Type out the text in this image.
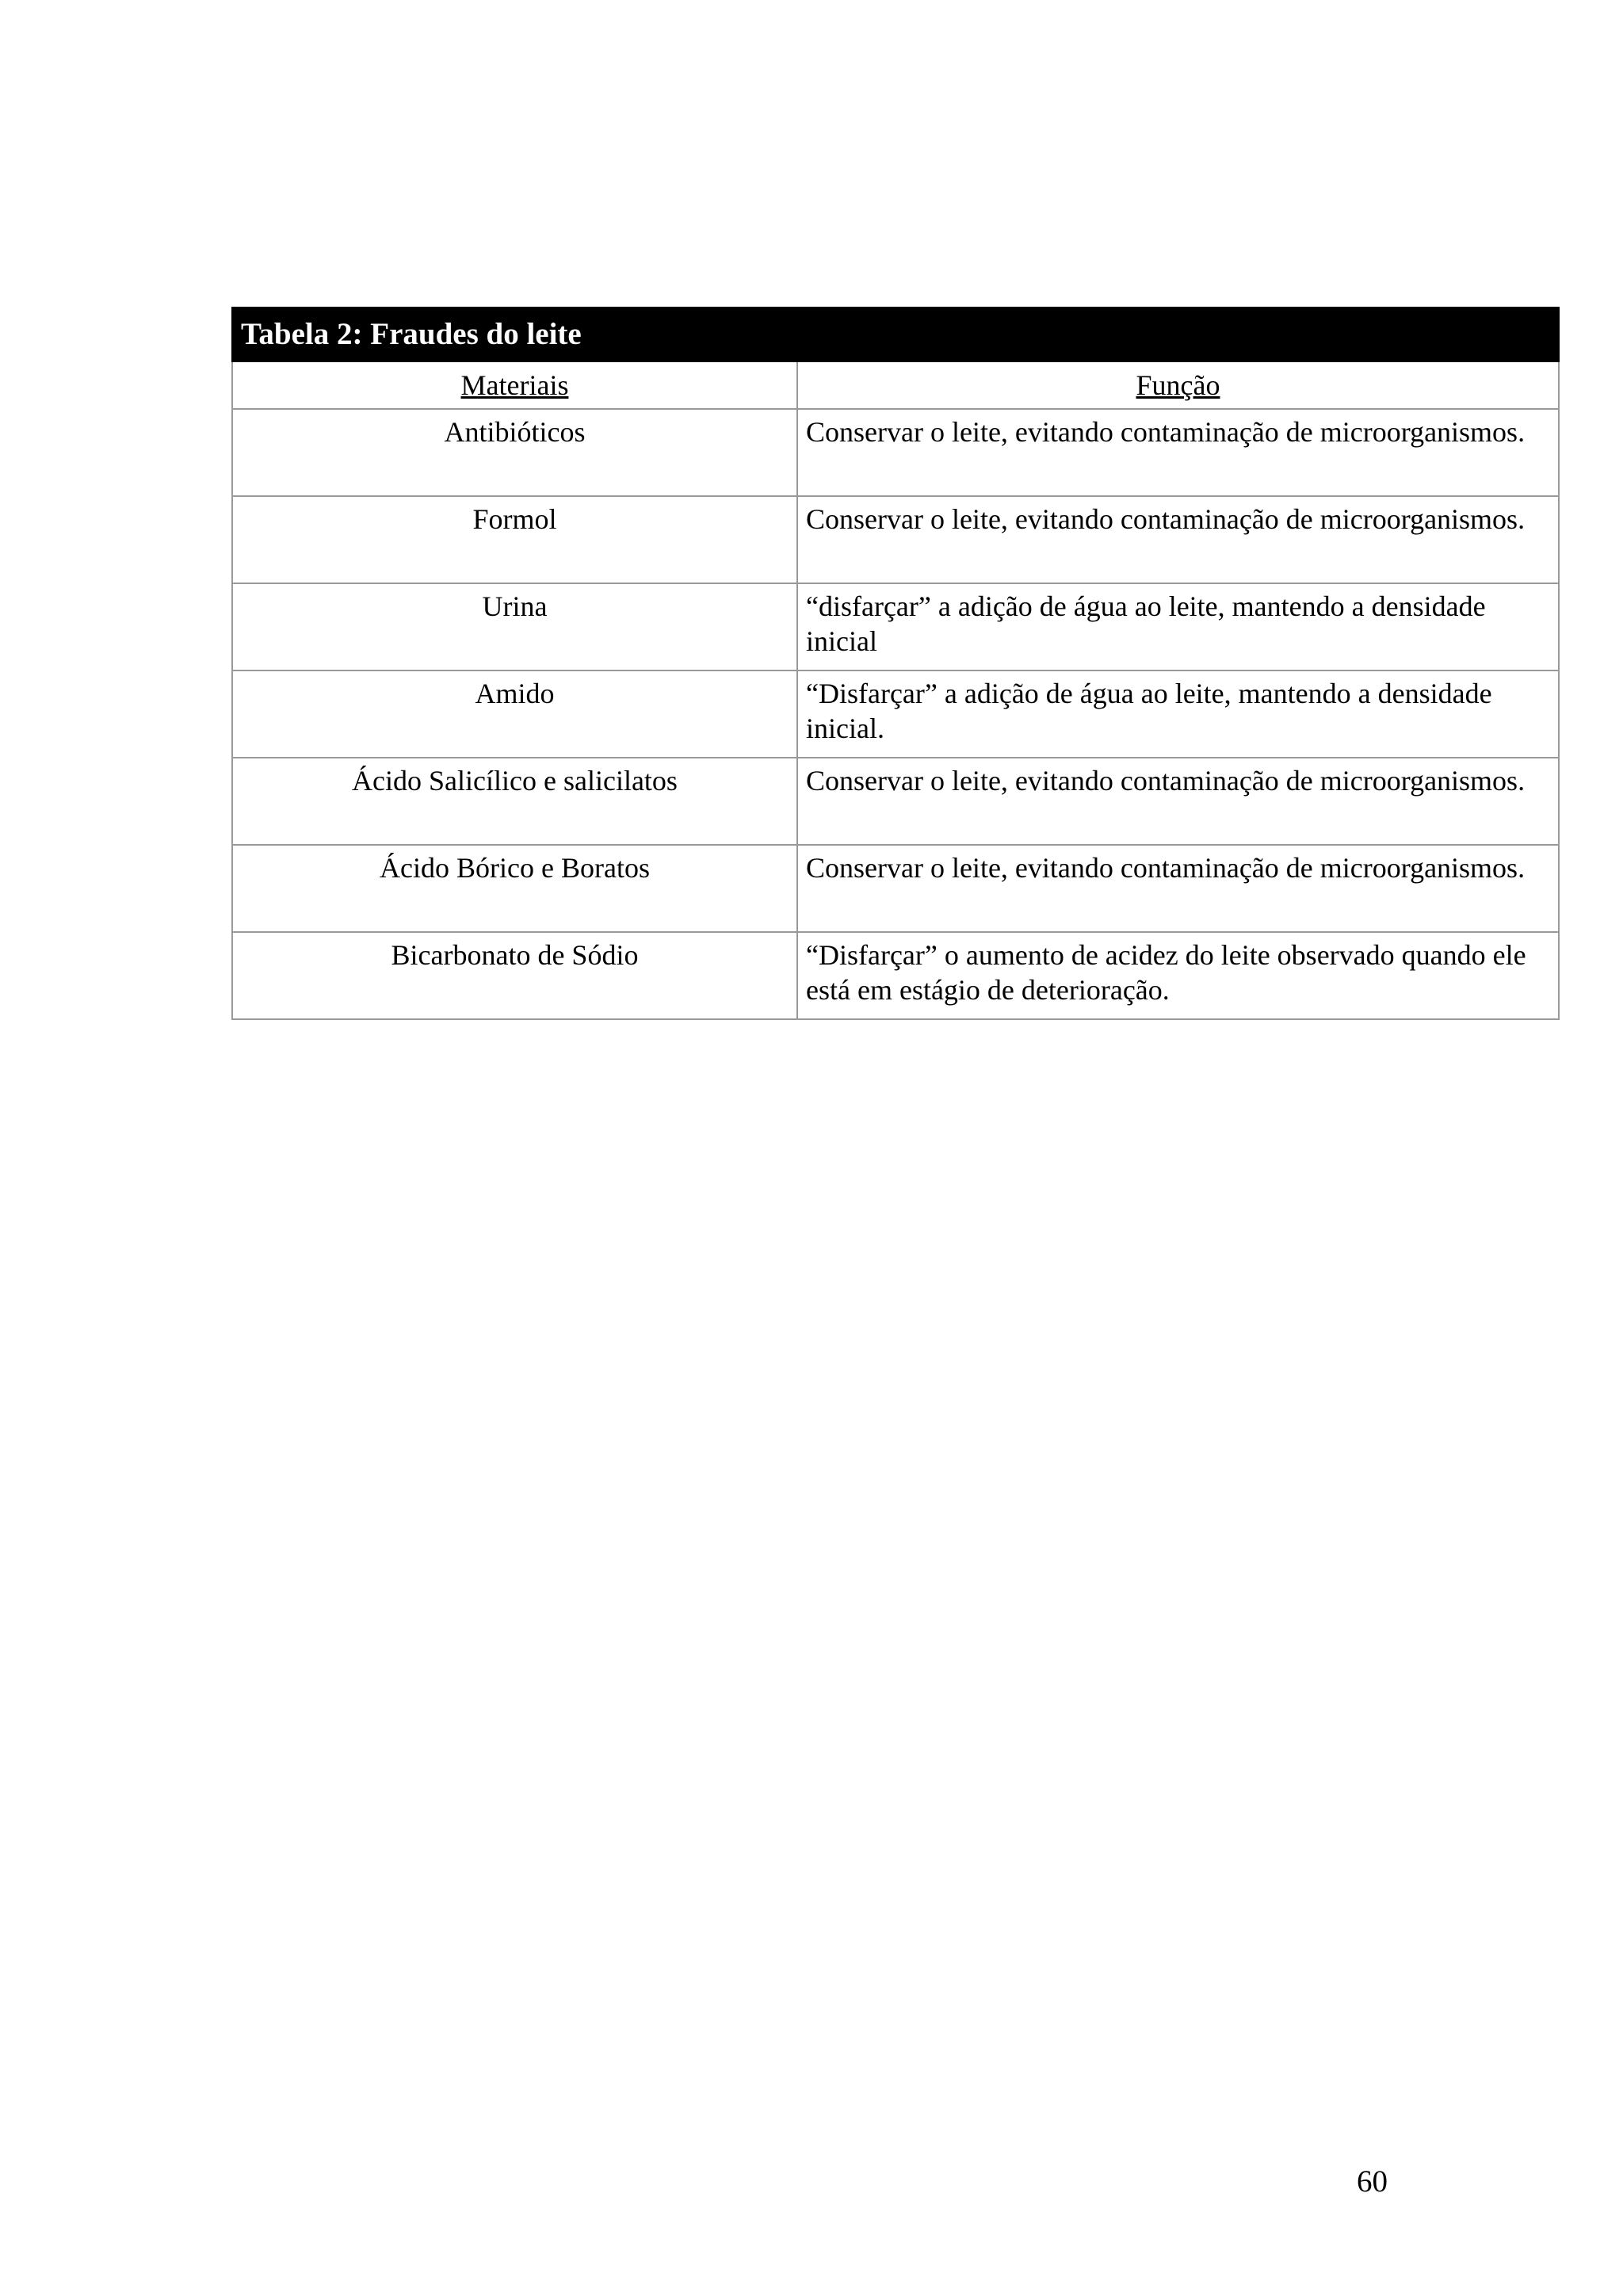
Tabela 2: Fraudes do leite	
Materiais	Função
Antibióticos	Conservar o leite, evitando contaminação de microorganismos.
Formol	Conservar o leite, evitando contaminação de microorganismos.
Urina	“disfarçar” a adição de água ao leite, mantendo a densidade inicial
Amido	“Disfarçar” a adição de água ao leite, mantendo a densidade inicial.
Ácido Salicílico e salicilatos	Conservar o leite, evitando contaminação de microorganismos.
Ácido Bórico e Boratos	Conservar o leite, evitando contaminação de microorganismos.
Bicarbonato de Sódio	“Disfarçar” o aumento de acidez do leite observado quando ele está em estágio de deterioração.
60
